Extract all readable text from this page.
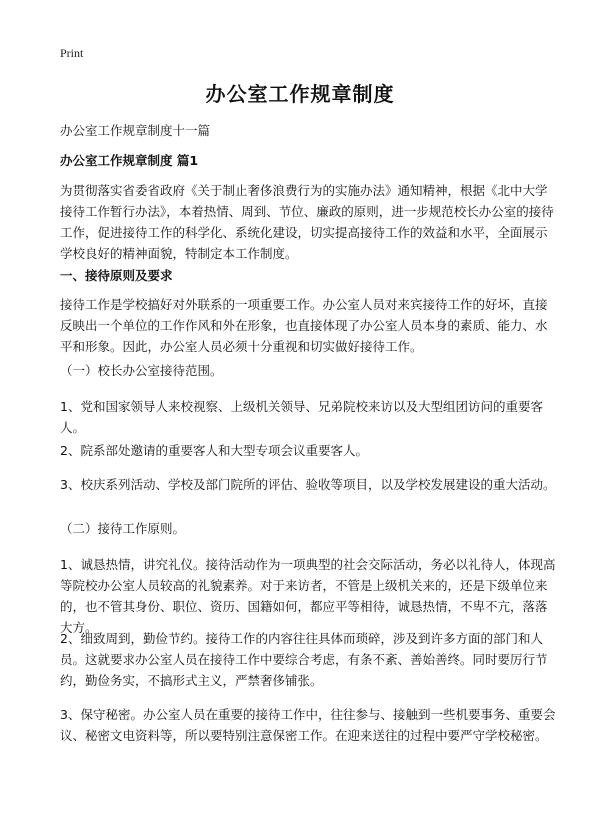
Print
办公室工作规章制度
办公室工作规章制度十一篇
办公室工作规章制度 篇1
为贯彻落实省委省政府《关于制止奢侈浪费行为的实施办法》通知精神，根据《北中大学接待工作暂行办法》，本着热情、周到、节位、廉政的原则，进一步规范校长办公室的接待工作，促进接待工作的科学化、系统化建设，切实提高接待工作的效益和水平，全面展示学校良好的精神面貌，特制定本工作制度。
一、接待原则及要求
接待工作是学校搞好对外联系的一项重要工作。办公室人员对来宾接待工作的好坏，直接反映出一个单位的工作作风和外在形象，也直接体现了办公室人员本身的素质、能力、水平和形象。因此，办公室人员必须十分重视和切实做好接待工作。
（一）校长办公室接待范围。
1、党和国家领导人来校视察、上级机关领导、兄弟院校来访以及大型组团访问的重要客人。
2、院系部处邀请的重要客人和大型专项会议重要客人。
3、校庆系列活动、学校及部门院所的评估、验收等项目，以及学校发展建设的重大活动。
（二）接待工作原则。
1、诚恳热情，讲究礼仪。接待活动作为一项典型的社会交际活动，务必以礼待人，体现高等院校办公室人员较高的礼貌素养。对于来访者，不管是上级机关来的，还是下级单位来的，也不管其身份、职位、资历、国籍如何，都应平等相待，诚恳热情，不卑不亢，落落大方。
2、细致周到，勤俭节约。接待工作的内容往往具体而琐碎，涉及到许多方面的部门和人员。这就要求办公室人员在接待工作中要综合考虑，有条不紊、善始善终。同时要厉行节约，勤俭务实，不搞形式主义，严禁奢侈铺张。
3、保守秘密。办公室人员在重要的接待工作中，往往参与、接触到一些机要事务、重要会议、秘密文电资料等，所以要特别注意保密工作。在迎来送往的过程中要严守学校秘密。
